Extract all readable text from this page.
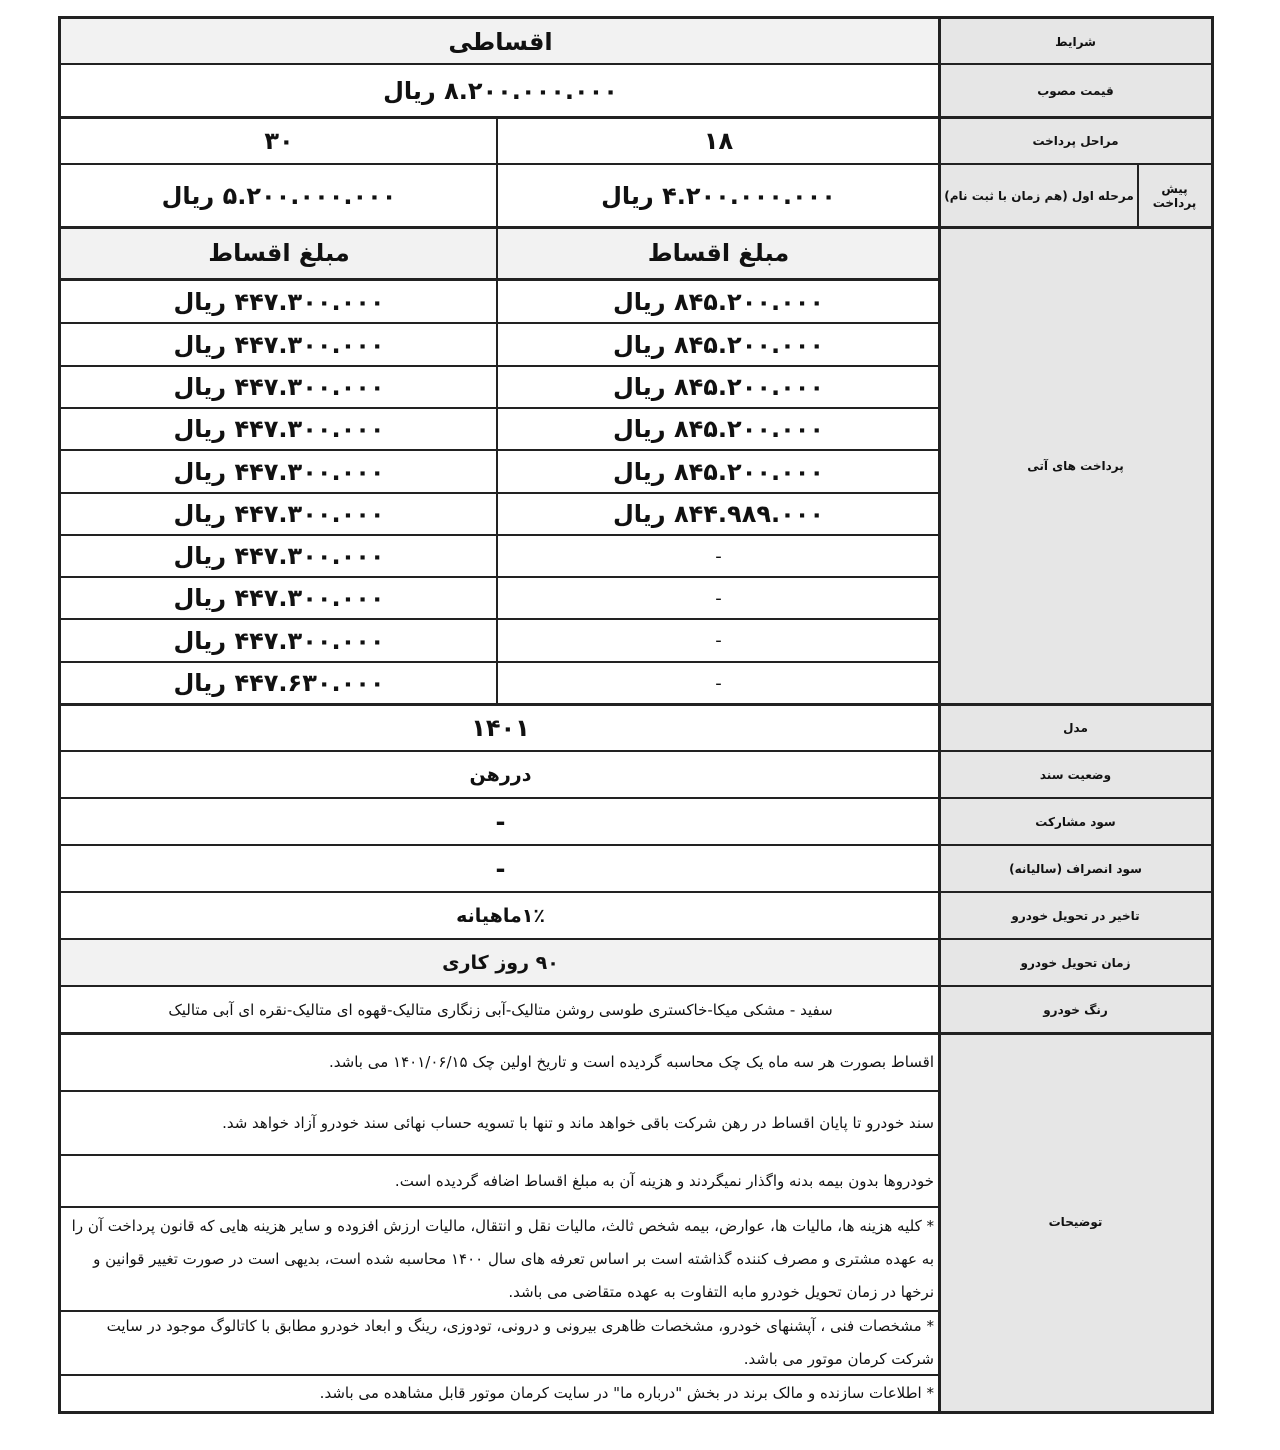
شرایط
قیمت مصوب
مراحل پرداخت
پیش پرداخت
مرحله اول (هم زمان با ثبت نام)
پرداخت های آتی
مدل
وضعیت سند
سود مشارکت
سود انصراف (سالیانه)
تاخیر در تحویل خودرو
زمان تحویل خودرو
رنگ خودرو
توضیحات
اقساطی
۸.۲۰۰.۰۰۰.۰۰۰ ریال
۱۸
۳۰
۴.۲۰۰.۰۰۰.۰۰۰ ریال
۵.۲۰۰.۰۰۰.۰۰۰ ریال
مبلغ اقساط
مبلغ اقساط
۸۴۵.۲۰۰.۰۰۰ ریال
۴۴۷.۳۰۰.۰۰۰ ریال
۸۴۵.۲۰۰.۰۰۰ ریال
۴۴۷.۳۰۰.۰۰۰ ریال
۸۴۵.۲۰۰.۰۰۰ ریال
۴۴۷.۳۰۰.۰۰۰ ریال
۸۴۵.۲۰۰.۰۰۰ ریال
۴۴۷.۳۰۰.۰۰۰ ریال
۸۴۵.۲۰۰.۰۰۰ ریال
۴۴۷.۳۰۰.۰۰۰ ریال
۸۴۴.۹۸۹.۰۰۰ ریال
۴۴۷.۳۰۰.۰۰۰ ریال
-
۴۴۷.۳۰۰.۰۰۰ ریال
-
۴۴۷.۳۰۰.۰۰۰ ریال
-
۴۴۷.۳۰۰.۰۰۰ ریال
-
۴۴۷.۶۳۰.۰۰۰ ریال
۱۴۰۱
دررهن
-
-
۱٪ماهیانه
۹۰ روز کاری
سفید - مشکی میکا-خاکستری طوسی روشن متالیک-آبی زنگاری متالیک-قهوه ای متالیک-نقره ای آبی متالیک
اقساط بصورت هر سه ماه یک چک محاسبه گردیده است و تاریخ اولین چک ۱۴۰۱/۰۶/۱۵ می باشد.
سند خودرو تا پایان اقساط در رهن شرکت باقی خواهد ماند و تنها با تسویه حساب نهائی سند خودرو آزاد خواهد شد.
خودروها بدون بیمه بدنه واگذار نمیگردند و هزینه آن به مبلغ اقساط اضافه گردیده است.
* کلیه هزینه ها، مالیات ها، عوارض، بیمه شخص ثالث، مالیات نقل و انتقال، مالیات ارزش افزوده و سایر هزینه هایی که قانون پرداخت آن را به عهده مشتری و مصرف کننده گذاشته است بر اساس تعرفه های سال ۱۴۰۰ محاسبه شده است، بدیهی است در صورت تغییر قوانین و نرخها در زمان تحویل خودرو مابه التفاوت به عهده متقاضی می باشد.
* مشخصات فنی ، آپشنهای خودرو، مشخصات ظاهری بیرونی و درونی، تودوزی، رینگ و ابعاد خودرو مطابق با کاتالوگ موجود در سایت شرکت کرمان موتور می باشد.
* اطلاعات سازنده و مالک برند در بخش "درباره ما" در سایت کرمان موتور قابل مشاهده می باشد.
